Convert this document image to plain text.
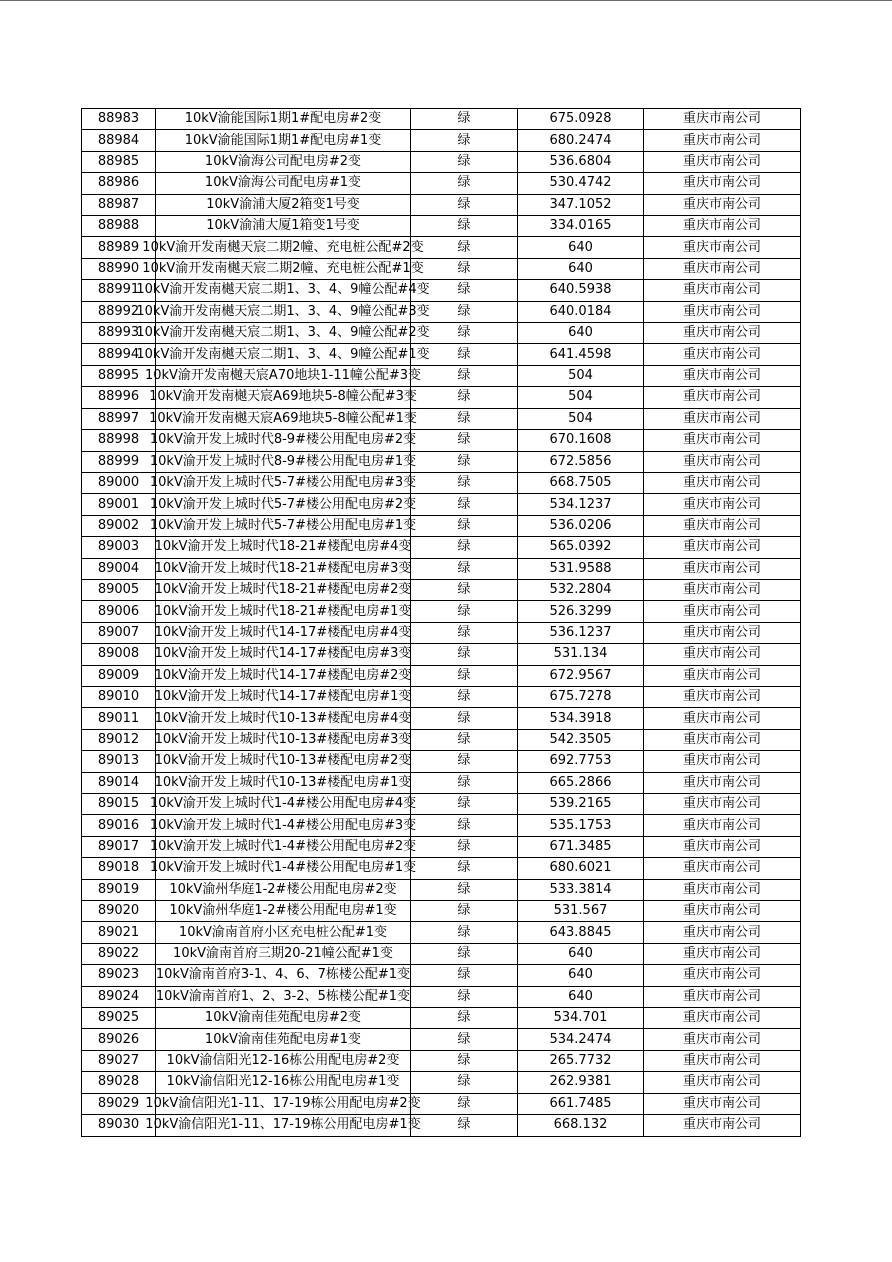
88983	10kV渝能国际1期1#配电房#2变	绿	675.0928	重庆市南公司
88984	10kV渝能国际1期1#配电房#1变	绿	680.2474	重庆市南公司
88985	10kV渝海公司配电房#2变	绿	536.6804	重庆市南公司
88986	10kV渝海公司配电房#1变	绿	530.4742	重庆市南公司
88987	10kV渝浦大厦2箱变1号变	绿	347.1052	重庆市南公司
88988	10kV渝浦大厦1箱变1号变	绿	334.0165	重庆市南公司
88989	10kV渝开发南樾天宸二期2幢、充电桩公配#2变	绿	640	重庆市南公司
88990	10kV渝开发南樾天宸二期2幢、充电桩公配#1变	绿	640	重庆市南公司
88991	10kV渝开发南樾天宸二期1、3、4、9幢公配#4变	绿	640.5938	重庆市南公司
88992	10kV渝开发南樾天宸二期1、3、4、9幢公配#3变	绿	640.0184	重庆市南公司
88993	10kV渝开发南樾天宸二期1、3、4、9幢公配#2变	绿	640	重庆市南公司
88994	10kV渝开发南樾天宸二期1、3、4、9幢公配#1变	绿	641.4598	重庆市南公司
88995	10kV渝开发南樾天宸A70地块1-11幢公配#3变	绿	504	重庆市南公司
88996	10kV渝开发南樾天宸A69地块5-8幢公配#3变	绿	504	重庆市南公司
88997	10kV渝开发南樾天宸A69地块5-8幢公配#1变	绿	504	重庆市南公司
88998	10kV渝开发上城时代8-9#楼公用配电房#2变	绿	670.1608	重庆市南公司
88999	10kV渝开发上城时代8-9#楼公用配电房#1变	绿	672.5856	重庆市南公司
89000	10kV渝开发上城时代5-7#楼公用配电房#3变	绿	668.7505	重庆市南公司
89001	10kV渝开发上城时代5-7#楼公用配电房#2变	绿	534.1237	重庆市南公司
89002	10kV渝开发上城时代5-7#楼公用配电房#1变	绿	536.0206	重庆市南公司
89003	10kV渝开发上城时代18-21#楼配电房#4变	绿	565.0392	重庆市南公司
89004	10kV渝开发上城时代18-21#楼配电房#3变	绿	531.9588	重庆市南公司
89005	10kV渝开发上城时代18-21#楼配电房#2变	绿	532.2804	重庆市南公司
89006	10kV渝开发上城时代18-21#楼配电房#1变	绿	526.3299	重庆市南公司
89007	10kV渝开发上城时代14-17#楼配电房#4变	绿	536.1237	重庆市南公司
89008	10kV渝开发上城时代14-17#楼配电房#3变	绿	531.134	重庆市南公司
89009	10kV渝开发上城时代14-17#楼配电房#2变	绿	672.9567	重庆市南公司
89010	10kV渝开发上城时代14-17#楼配电房#1变	绿	675.7278	重庆市南公司
89011	10kV渝开发上城时代10-13#楼配电房#4变	绿	534.3918	重庆市南公司
89012	10kV渝开发上城时代10-13#楼配电房#3变	绿	542.3505	重庆市南公司
89013	10kV渝开发上城时代10-13#楼配电房#2变	绿	692.7753	重庆市南公司
89014	10kV渝开发上城时代10-13#楼配电房#1变	绿	665.2866	重庆市南公司
89015	10kV渝开发上城时代1-4#楼公用配电房#4变	绿	539.2165	重庆市南公司
89016	10kV渝开发上城时代1-4#楼公用配电房#3变	绿	535.1753	重庆市南公司
89017	10kV渝开发上城时代1-4#楼公用配电房#2变	绿	671.3485	重庆市南公司
89018	10kV渝开发上城时代1-4#楼公用配电房#1变	绿	680.6021	重庆市南公司
89019	10kV渝州华庭1-2#楼公用配电房#2变	绿	533.3814	重庆市南公司
89020	10kV渝州华庭1-2#楼公用配电房#1变	绿	531.567	重庆市南公司
89021	10kV渝南首府小区充电桩公配#1变	绿	643.8845	重庆市南公司
89022	10kV渝南首府三期20-21幢公配#1变	绿	640	重庆市南公司
89023	10kV渝南首府3-1、4、6、7栋楼公配#1变	绿	640	重庆市南公司
89024	10kV渝南首府1、2、3-2、5栋楼公配#1变	绿	640	重庆市南公司
89025	10kV渝南佳苑配电房#2变	绿	534.701	重庆市南公司
89026	10kV渝南佳苑配电房#1变	绿	534.2474	重庆市南公司
89027	10kV渝信阳光12-16栋公用配电房#2变	绿	265.7732	重庆市南公司
89028	10kV渝信阳光12-16栋公用配电房#1变	绿	262.9381	重庆市南公司
89029	10kV渝信阳光1-11、17-19栋公用配电房#2变	绿	661.7485	重庆市南公司
89030	10kV渝信阳光1-11、17-19栋公用配电房#1变	绿	668.132	重庆市南公司
